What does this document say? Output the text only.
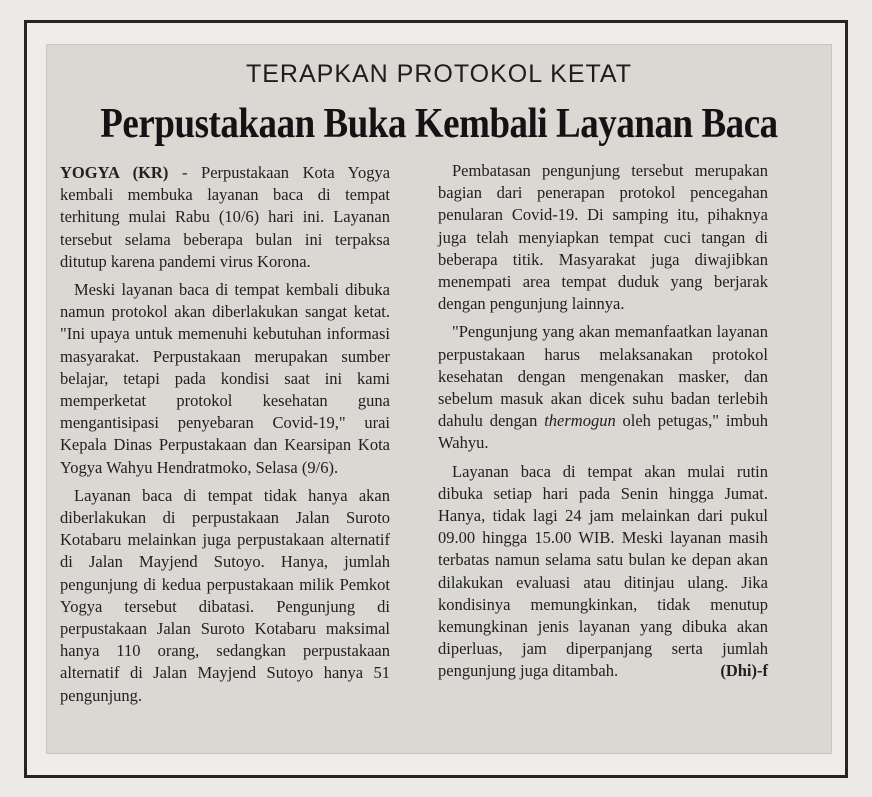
TERAPKAN PROTOKOL KETAT
Perpustakaan Buka Kembali Layanan Baca

YOGYA (KR) - Perpustakaan Kota Yogya kembali membuka layanan baca di tempat terhitung mulai Rabu (10/6) hari ini. Layanan tersebut selama beberapa bulan ini terpaksa ditutup karena pandemi virus Korona.

Meski layanan baca di tempat kembali dibuka namun protokol akan diberlakukan sangat ketat. "Ini upaya untuk memenuhi kebutuhan informasi masyarakat. Perpustakaan merupakan sumber belajar, tetapi pada kondisi saat ini kami memperketat protokol kesehatan guna mengantisipasi penyebaran Covid-19," urai Kepala Dinas Perpustakaan dan Kearsipan Kota Yogya Wahyu Hendratmoko, Selasa (9/6).

Layanan baca di tempat tidak hanya akan diberlakukan di perpustakaan Jalan Suroto Kotabaru melainkan juga perpustakaan alternatif di Jalan Mayjend Sutoyo. Hanya, jumlah pengunjung di kedua perpustakaan milik Pemkot Yogya tersebut dibatasi. Pengunjung di perpustakaan Jalan Suroto Kotabaru maksimal hanya 110 orang, sedangkan perpustakaan alternatif di Jalan Mayjend Sutoyo hanya 51 pengunjung.

Pembatasan pengunjung tersebut merupakan bagian dari penerapan protokol pencegahan penularan Covid-19. Di samping itu, pihaknya juga telah menyiapkan tempat cuci tangan di beberapa titik. Masyarakat juga diwajibkan menempati area tempat duduk yang berjarak dengan pengunjung lainnya.

"Pengunjung yang akan memanfaatkan layanan perpustakaan harus melaksanakan protokol kesehatan dengan mengenakan masker, dan sebelum masuk akan dicek suhu badan terlebih dahulu dengan thermogun oleh petugas," imbuh Wahyu.

Layanan baca di tempat akan mulai rutin dibuka setiap hari pada Senin hingga Jumat. Hanya, tidak lagi 24 jam melainkan dari pukul 09.00 hingga 15.00 WIB. Meski layanan masih terbatas namun selama satu bulan ke depan akan dilakukan evaluasi atau ditinjau ulang. Jika kondisinya memungkinkan, tidak menutup kemungkinan jenis layanan yang dibuka akan diperluas, jam diperpanjang serta jumlah pengunjung juga ditambah.	(Dhi)-f
